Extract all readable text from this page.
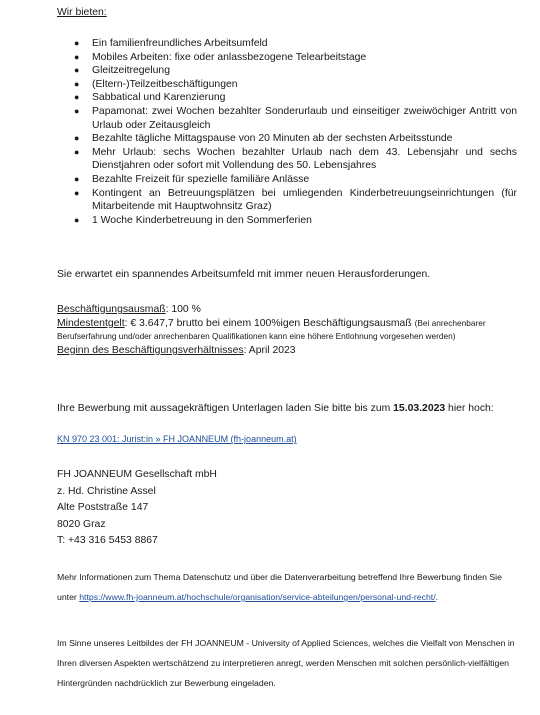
Wir bieten:
● Ein familienfreundliches Arbeitsumfeld
● Mobiles Arbeiten: fixe oder anlassbezogene Telearbeitstage
● Gleitzeitregelung
● (Eltern-)Teilzeitbeschäftigungen
● Sabbatical und Karenzierung
● Papamonat: zwei Wochen bezahlter Sonderurlaub und einseitiger zweiwöchiger Antritt von Urlaub oder Zeitausgleich
● Bezahlte tägliche Mittagspause von 20 Minuten ab der sechsten Arbeitsstunde
● Mehr Urlaub: sechs Wochen bezahlter Urlaub nach dem 43. Lebensjahr und sechs Dienstjahren oder sofort mit Vollendung des 50. Lebensjahres
● Bezahlte Freizeit für spezielle familiäre Anlässe
● Kontingent an Betreuungsplätzen bei umliegenden Kinderbetreuungseinrichtungen (für Mitarbeitende mit Hauptwohnsitz Graz)
● 1 Woche Kinderbetreuung in den Sommerferien
Sie erwartet ein spannendes Arbeitsumfeld mit immer neuen Herausforderungen.

Beschäftigungsausmaß: 100 %

Mindestentgelt: € 3.647,7 brutto bei einem 100%igen Beschäftigungsausmaß (Bei anrechenbarer Berufserfahrung und/oder anrechenbaren Qualifikationen kann eine höhere Entlohnung vorgesehen werden)

Beginn des Beschäftigungsverhältnisses: April 2023

Ihre Bewerbung mit aussagekräftigen Unterlagen laden Sie bitte bis zum 15.03.2023 hier hoch:
KN 970 23 001: Jurist:in » FH JOANNEUM (fh-joanneum.at)
FH JOANNEUM Gesellschaft mbH
z. Hd. Christine Assel
Alte Poststraße 147
8020 Graz
T: +43 316 5453 8867
Mehr Informationen zum Thema Datenschutz und über die Datenverarbeitung betreffend Ihre Bewerbung finden Sie unter https://www.fh-joanneum.at/hochschule/organisation/service-abteilungen/personal-und-recht/.
Im Sinne unseres Leitbildes der FH JOANNEUM - University of Applied Sciences, welches die Vielfalt von Menschen in Ihren diversen Aspekten wertschätzend zu interpretieren anregt, werden Menschen mit solchen persönlich-vielfältigen Hintergründen nachdrücklich zur Bewerbung eingeladen.
